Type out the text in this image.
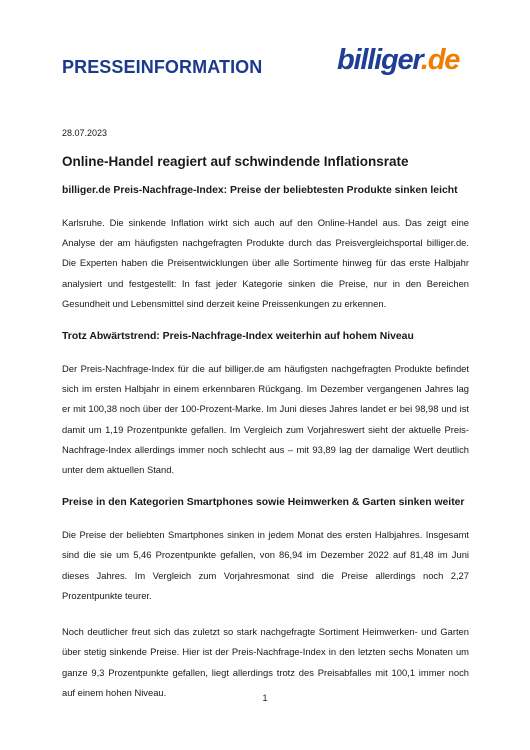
PRESSEINFORMATION	billiger.de
28.07.2023
Online-Handel reagiert auf schwindende Inflationsrate
billiger.de Preis-Nachfrage-Index: Preise der beliebtesten Produkte sinken leicht

Karlsruhe. Die sinkende Inflation wirkt sich auch auf den Online-Handel aus. Das zeigt eine Analyse der am häufigsten nachgefragten Produkte durch das Preisvergleichsportal billiger.de. Die Experten haben die Preisentwicklungen über alle Sortimente hinweg für das erste Halbjahr analysiert und festgestellt: In fast jeder Kategorie sinken die Preise, nur in den Bereichen Gesundheit und Lebensmittel sind derzeit keine Preissenkungen zu erkennen.

Trotz Abwärtstrend: Preis-Nachfrage-Index weiterhin auf hohem Niveau

Der Preis-Nachfrage-Index für die auf billiger.de am häufigsten nachgefragten Produkte befindet sich im ersten Halbjahr in einem erkennbaren Rückgang. Im Dezember vergangenen Jahres lag er mit 100,38 noch über der 100-Prozent-Marke. Im Juni dieses Jahres landet er bei 98,98 und ist damit um 1,19 Prozentpunkte gefallen. Im Vergleich zum Vorjahreswert sieht der aktuelle Preis-Nachfrage-Index allerdings immer noch schlecht aus – mit 93,89 lag der damalige Wert deutlich unter dem aktuellen Stand.

Preise in den Kategorien Smartphones sowie Heimwerken & Garten sinken weiter

Die Preise der beliebten Smartphones sinken in jedem Monat des ersten Halbjahres. Insgesamt sind die sie um 5,46 Prozentpunkte gefallen, von 86,94 im Dezember 2022 auf 81,48 im Juni dieses Jahres. Im Vergleich zum Vorjahresmonat sind die Preise allerdings noch 2,27 Prozentpunkte teurer.

Noch deutlicher freut sich das zuletzt so stark nachgefragte Sortiment Heimwerken- und Garten über stetig sinkende Preise. Hier ist der Preis-Nachfrage-Index in den letzten sechs Monaten um ganze 9,3 Prozentpunkte gefallen, liegt allerdings trotz des Preisabfalles mit 100,1 immer noch auf einem hohen Niveau.	1
